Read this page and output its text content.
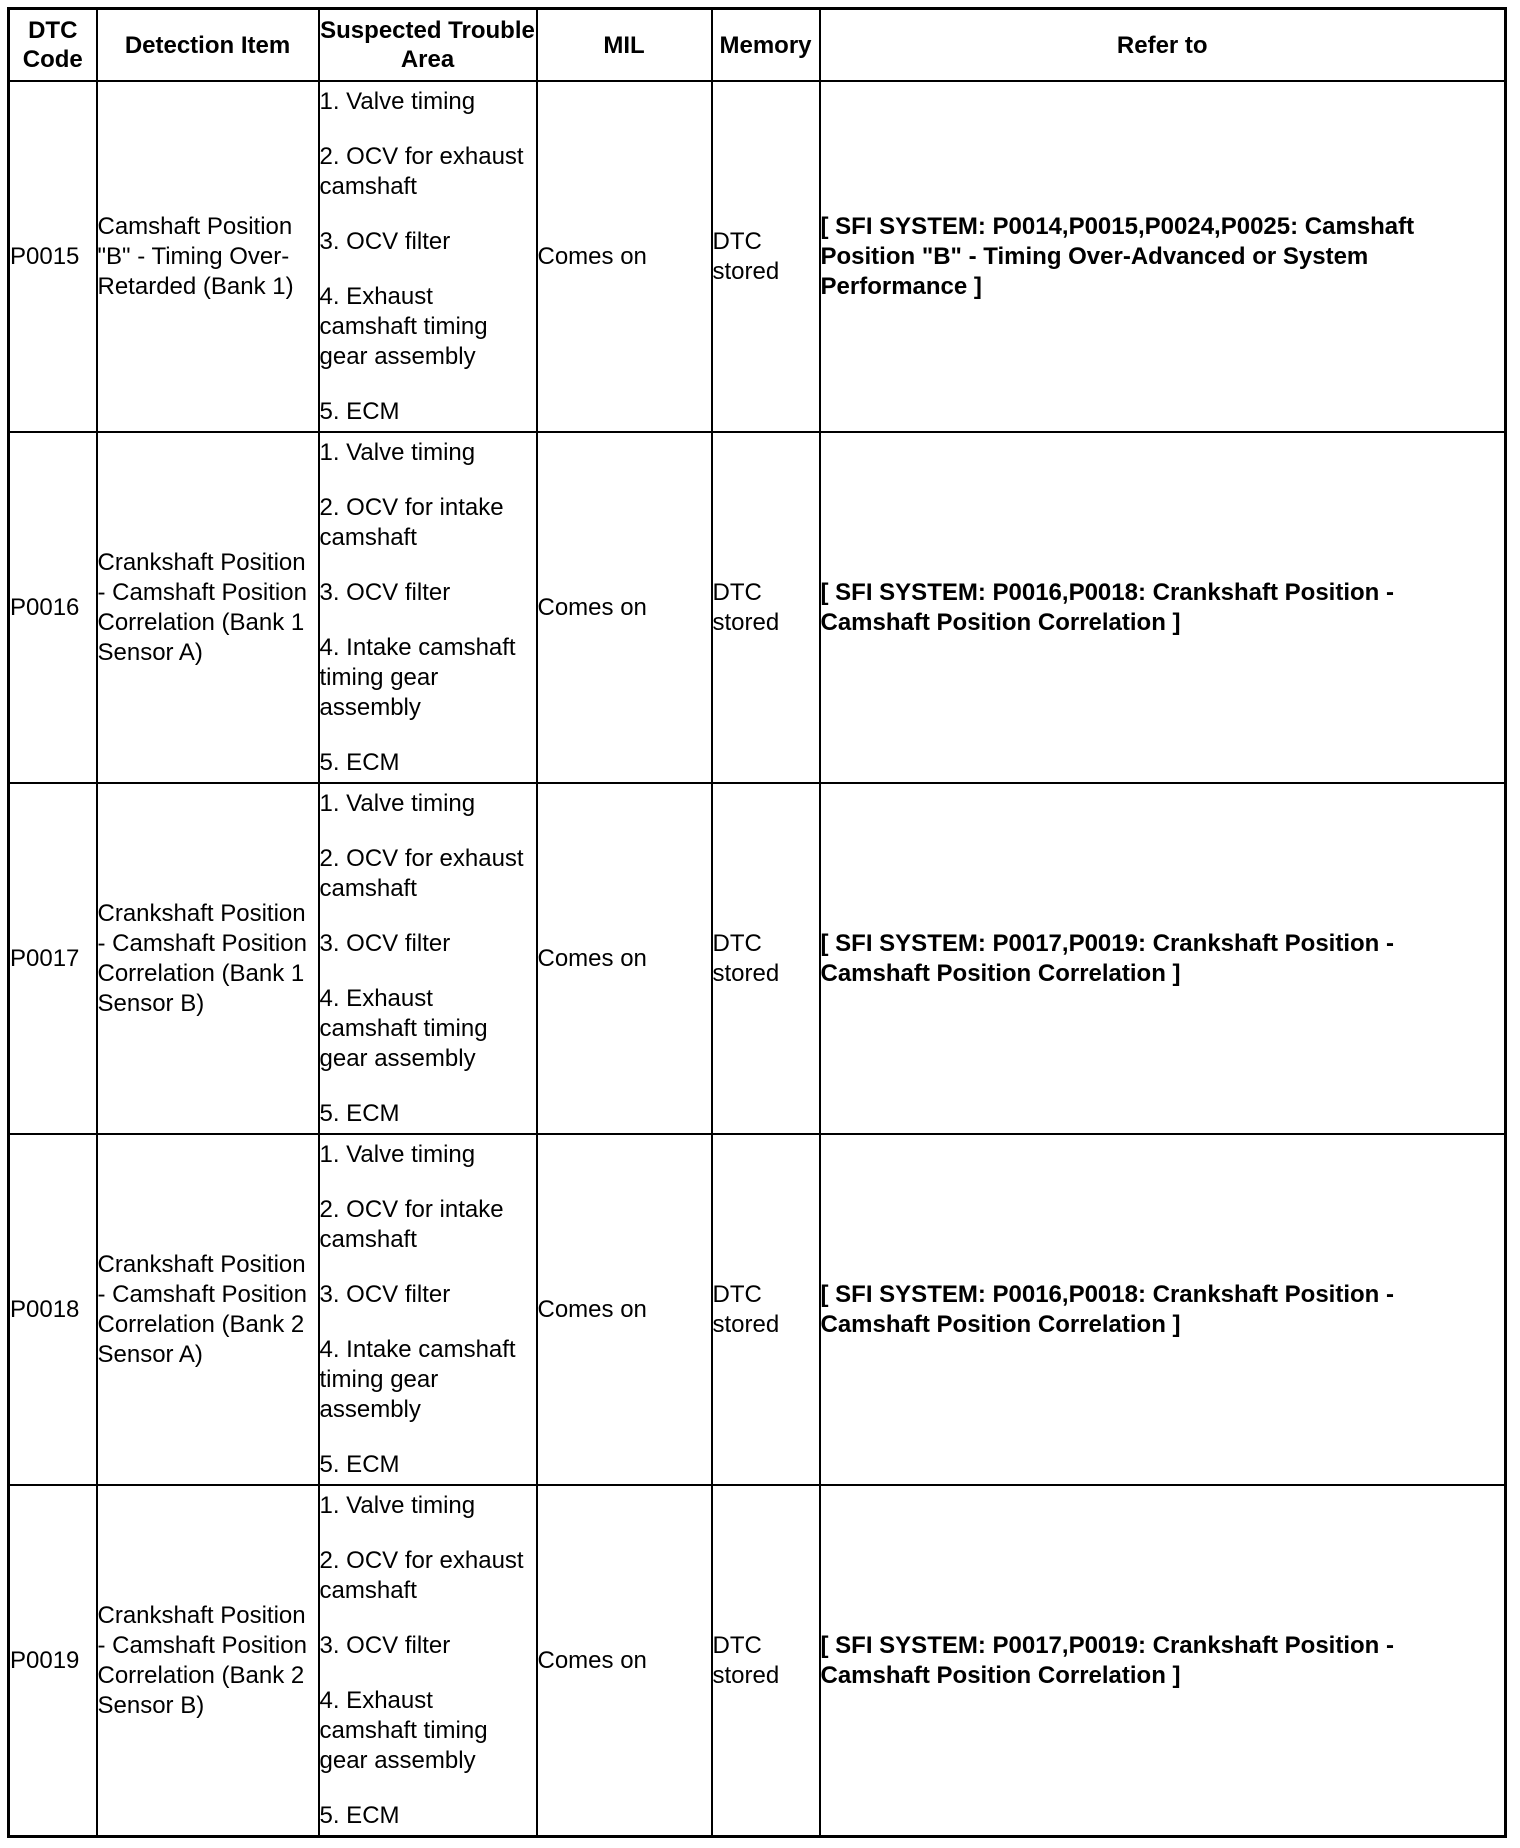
DTC Code	Detection Item	Suspected Trouble Area	MIL	Memory	Refer to
P0015	Camshaft Position "B" - Timing Over-Retarded (Bank 1)	1. Valve timing
2. OCV for exhaust camshaft
3. OCV filter
4. Exhaust camshaft timing gear assembly
5. ECM	Comes on	DTC stored	[ SFI SYSTEM: P0014,P0015,P0024,P0025: Camshaft Position "B" - Timing Over-Advanced or System Performance ]
P0016	Crankshaft Position - Camshaft Position Correlation (Bank 1 Sensor A)	1. Valve timing
2. OCV for intake camshaft
3. OCV filter
4. Intake camshaft timing gear assembly
5. ECM	Comes on	DTC stored	[ SFI SYSTEM: P0016,P0018: Crankshaft Position - Camshaft Position Correlation ]
P0017	Crankshaft Position - Camshaft Position Correlation (Bank 1 Sensor B)	1. Valve timing
2. OCV for exhaust camshaft
3. OCV filter
4. Exhaust camshaft timing gear assembly
5. ECM	Comes on	DTC stored	[ SFI SYSTEM: P0017,P0019: Crankshaft Position - Camshaft Position Correlation ]
P0018	Crankshaft Position - Camshaft Position Correlation (Bank 2 Sensor A)	1. Valve timing
2. OCV for intake camshaft
3. OCV filter
4. Intake camshaft timing gear assembly
5. ECM	Comes on	DTC stored	[ SFI SYSTEM: P0016,P0018: Crankshaft Position - Camshaft Position Correlation ]
P0019	Crankshaft Position - Camshaft Position Correlation (Bank 2 Sensor B)	1. Valve timing
2. OCV for exhaust camshaft
3. OCV filter
4. Exhaust camshaft timing gear assembly
5. ECM	Comes on	DTC stored	[ SFI SYSTEM: P0017,P0019: Crankshaft Position - Camshaft Position Correlation ]
